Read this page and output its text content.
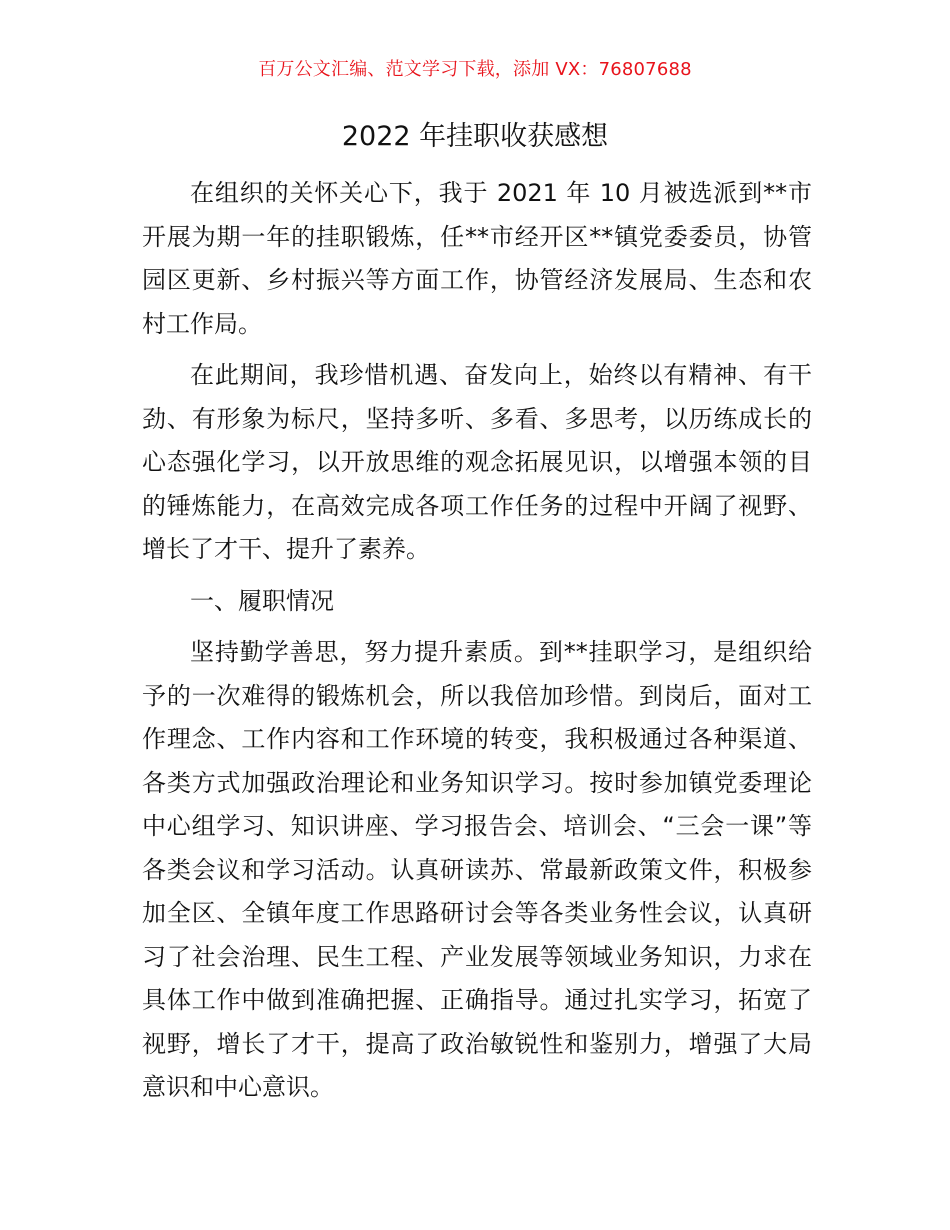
百万公文汇编、范文学习下载，添加 VX：76807688
2022 年挂职收获感想

在组织的关怀关心下，我于 2021 年 10 月被选派到**市开展为期一年的挂职锻炼，任**市经开区**镇党委委员，协管园区更新、乡村振兴等方面工作，协管经济发展局、生态和农村工作局。

在此期间，我珍惜机遇、奋发向上，始终以有精神、有干劲、有形象为标尺，坚持多听、多看、多思考，以历练成长的心态强化学习，以开放思维的观念拓展见识，以增强本领的目的锤炼能力，在高效完成各项工作任务的过程中开阔了视野、增长了才干、提升了素养。

一、履职情况

坚持勤学善思，努力提升素质。到**挂职学习，是组织给予的一次难得的锻炼机会，所以我倍加珍惜。到岗后，面对工作理念、工作内容和工作环境的转变，我积极通过各种渠道、各类方式加强政治理论和业务知识学习。按时参加镇党委理论中心组学习、知识讲座、学习报告会、培训会、“三会一课”等各类会议和学习活动。认真研读苏、常最新政策文件，积极参加全区、全镇年度工作思路研讨会等各类业务性会议，认真研习了社会治理、民生工程、产业发展等领域业务知识，力求在具体工作中做到准确把握、正确指导。通过扎实学习，拓宽了视野，增长了才干，提高了政治敏锐性和鉴别力，增强了大局意识和中心意识。
